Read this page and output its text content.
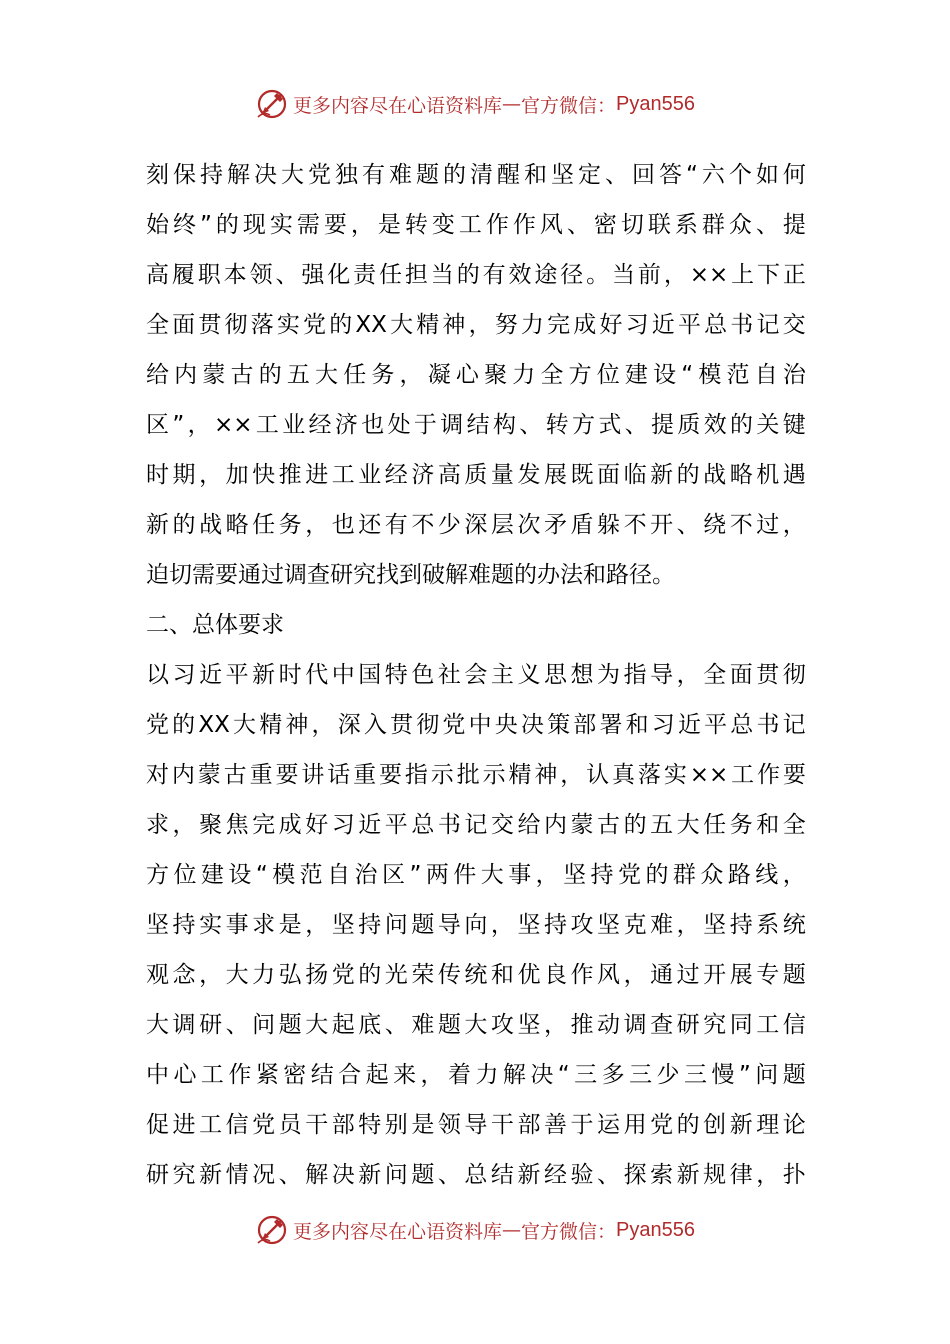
更多内容尽在心语资料库 — 官方微信： Pyan556
刻 保 持 解 决 大 党 独 有 难 题 的 清 醒 和 坚 定 、 回 答 “ 六 个 如 何
始 终 ” 的 现 实 需 要 ， 是 转 变 工 作 作 风 、 密 切 联 系 群 众 、 提
高 履 职 本 领 、 强 化 责 任 担 当 的 有 效 途 径 。 当 前 ， ×× 上 下 正
全 面 贯 彻 落 实 党 的 XX 大 精 神 ， 努 力 完 成 好 习 近 平 总 书 记 交
给 内 蒙 古 的 五 大 任 务 ， 凝 心 聚 力 全 方 位 建 设 “ 模 范 自 治
区 ” ， ×× 工 业 经 济 也 处 于 调 结 构 、 转 方 式 、 提 质 效 的 关 键
时 期 ， 加 快 推 进 工 业 经 济 高 质 量 发 展 既 面 临 新 的 战 略 机 遇
新 的 战 略 任 务 ， 也 还 有 不 少 深 层 次 矛 盾 躲 不 开 、 绕 不 过 ，
迫切需要通过调查研究找到破解难题的办法和路径。
二、总体要求
以 习 近 平 新 时 代 中 国 特 色 社 会 主 义 思 想 为 指 导 ， 全 面 贯 彻
党 的 XX 大 精 神 ， 深 入 贯 彻 党 中 央 决 策 部 署 和 习 近 平 总 书 记
对 内 蒙 古 重 要 讲 话 重 要 指 示 批 示 精 神 ， 认 真 落 实 ×× 工 作 要
求 ， 聚 焦 完 成 好 习 近 平 总 书 记 交 给 内 蒙 古 的 五 大 任 务 和 全
方 位 建 设 “ 模 范 自 治 区 ” 两 件 大 事 ， 坚 持 党 的 群 众 路 线 ，
坚 持 实 事 求 是 ， 坚 持 问 题 导 向 ， 坚 持 攻 坚 克 难 ， 坚 持 系 统
观 念 ， 大 力 弘 扬 党 的 光 荣 传 统 和 优 良 作 风 ， 通 过 开 展 专 题
大 调 研 、 问 题 大 起 底 、 难 题 大 攻 坚 ， 推 动 调 查 研 究 同 工 信
中 心 工 作 紧 密 结 合 起 来 ， 着 力 解 决 “ 三 多 三 少 三 慢 ” 问 题
促 进 工 信 党 员 干 部 特 别 是 领 导 干 部 善 于 运 用 党 的 创 新 理 论
研 究 新 情 况 、 解 决 新 问 题 、 总 结 新 经 验 、 探 索 新 规 律 ， 扑
更多内容尽在心语资料库 — 官方微信： Pyan556
